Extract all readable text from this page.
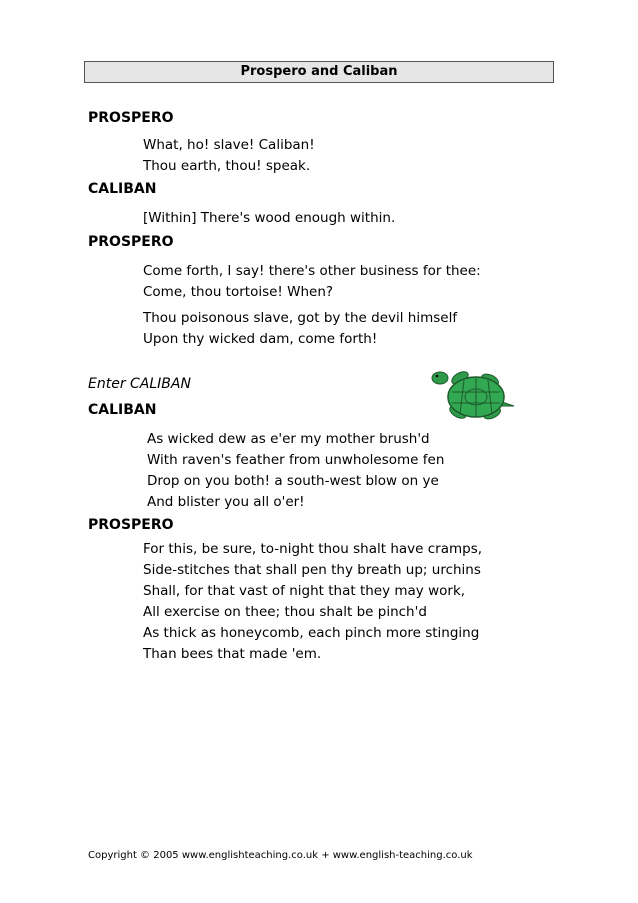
Prospero and Caliban
PROSPERO
What, ho! slave! Caliban!
Thou earth, thou! speak.
CALIBAN
[Within] There's wood enough within.
PROSPERO
Come forth, I say! there's other business for thee:
Come, thou tortoise! When?
Thou poisonous slave, got by the devil himself
Upon thy wicked dam, come forth!
Enter CALIBAN
CALIBAN
As wicked dew as e'er my mother brush'd
With raven's feather from unwholesome fen
Drop on you both! a south-west blow on ye
And blister you all o'er!
PROSPERO
For this, be sure, to-night thou shalt have cramps,
Side-stitches that shall pen thy breath up; urchins
Shall, for that vast of night that they may work,
All exercise on thee; thou shalt be pinch'd
As thick as honeycomb, each pinch more stinging
Than bees that made 'em.
Copyright © 2005 www.englishteaching.co.uk + www.english-teaching.co.uk
